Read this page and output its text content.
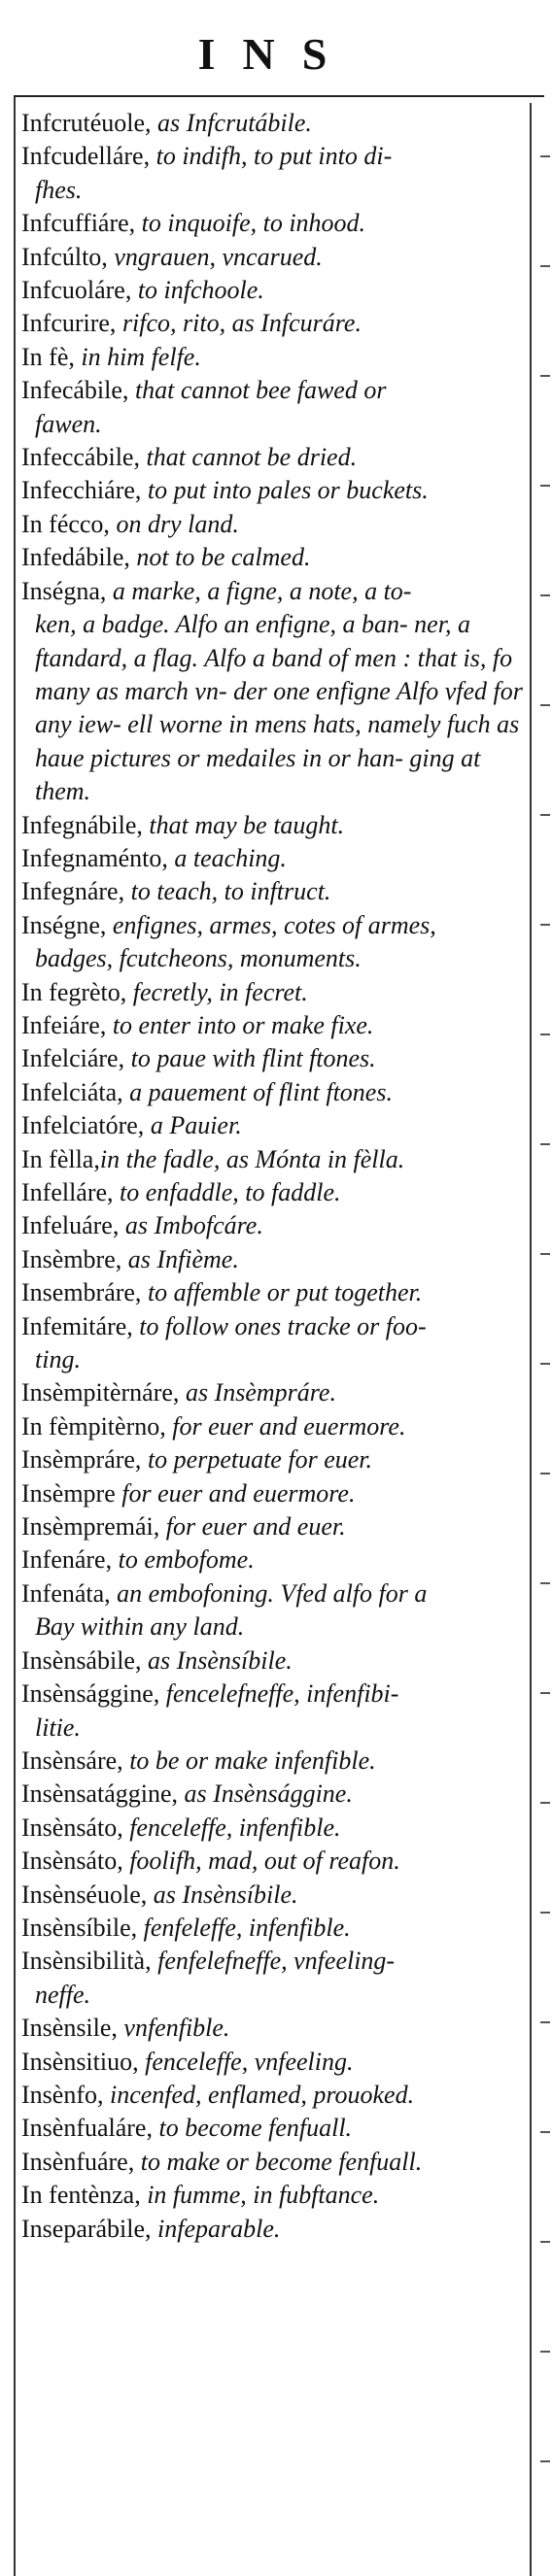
INS
Infcrutéuole, as Infcrutábile.
Infcudelláre, to indifh, to put into di-
fhes.
Infcuffiáre, to inquoife, to inhood.
Infcúlto, vngrauen, vncarued.
Infcuoláre, to infchoole.
Infcurire, rifco, rito, as Infcuráre.
In fè, in him felfe.
Infecábile, that cannot bee fawed or
fawen.
Infeccábile, that cannot be dried.
Infecchiáre, to put into pales or buckets.
In fécco, on dry land.
Infedábile, not to be calmed.
Inségna, a marke, a figne, a note, a to-
ken, a badge. Alfo an enfigne, a ban- ner, a ftandard, a flag. Alfo a band of men : that is, fo many as march vn- der one enfigne Alfo vfed for any iew- ell worne in mens hats, namely fuch as haue pictures or medailes in or han- ging at them.
Infegnábile, that may be taught.
Infegnaménto, a teaching.
Infegnáre, to teach, to inftruct.
Inségne, enfignes, armes, cotes of armes,
badges, fcutcheons, monuments.
In fegrèto, fecretly, in fecret.
Infeiáre, to enter into or make fixe.
Infelciáre, to paue with flint ftones.
Infelciáta, a pauement of flint ftones.
Infelciatóre, a Pauier.
In fèlla,in the fadle, as Mónta in fèlla.
Infelláre, to enfaddle, to faddle.
Infeluáre, as Imbofcáre.
Insèmbre, as Infième.
Insembráre, to affemble or put together.
Infemitáre, to follow ones tracke or foo-
ting.
Insèmpitèrnáre, as Insèmpráre.
In fèmpitèrno, for euer and euermore.
Insèmpráre, to perpetuate for euer.
Insèmpre for euer and euermore.
Insèmpremái, for euer and euer.
Infenáre, to embofome.
Infenáta, an embofoning. Vfed alfo for a
Bay within any land.
Insènsábile, as Insènsíbile.
Insènsággine, fencelefneffe, infenfibi-
litie.
Insènsáre, to be or make infenfible.
Insènsatággine, as Insènsággine.
Insènsáto, fenceleffe, infenfible.
Insènsáto, foolifh, mad, out of reafon.
Insènséuole, as Insènsíbile.
Insènsíbile, fenfeleffe, infenfible.
Insènsibilità, fenfelefneffe, vnfeeling-
neffe.
Insènsile, vnfenfible.
Insènsitiuo, fenceleffe, vnfeeling.
Insènfo, incenfed, enflamed, prouoked.
Insènfualáre, to become fenfuall.
Insènfuáre, to make or become fenfuall.
In fentènza, in fumme, in fubftance.
Inseparábile, infeparable.
